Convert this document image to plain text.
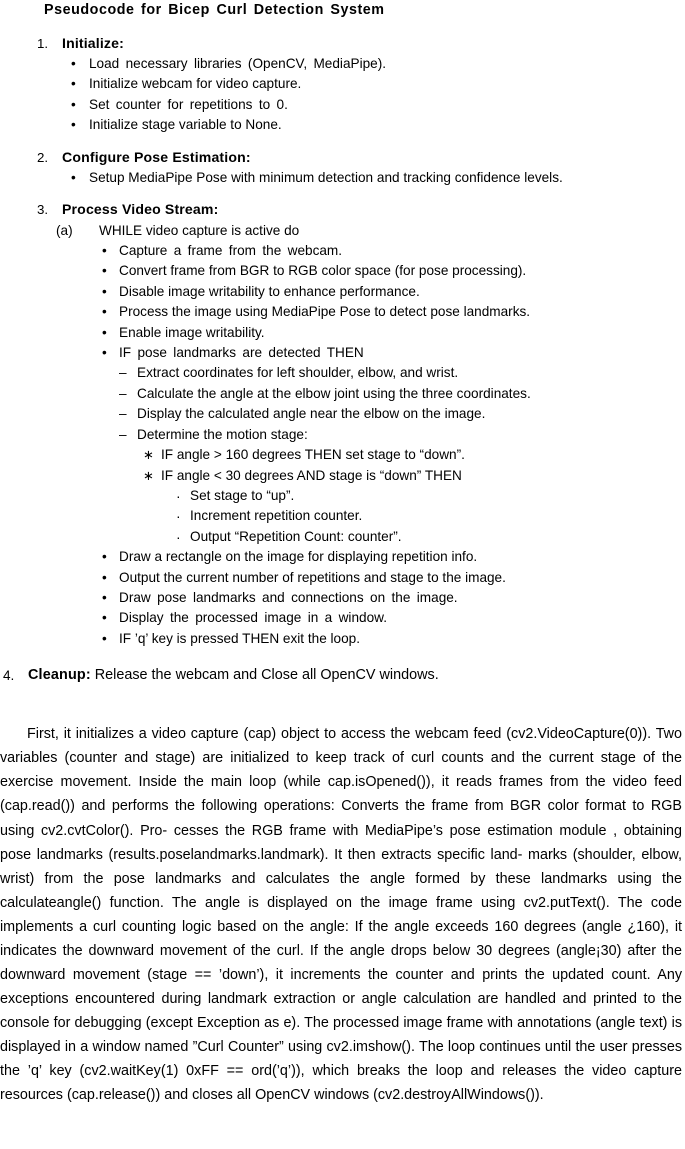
Pseudocode for Bicep Curl Detection System
1. Initialize:
• Load necessary libraries (OpenCV, MediaPipe).
• Initialize webcam for video capture.
• Set counter for repetitions to 0.
• Initialize stage variable to None.
2. Configure Pose Estimation:
• Setup MediaPipe Pose with minimum detection and tracking confidence levels.
3. Process Video Stream:
(a) WHILE video capture is active do
• Capture a frame from the webcam.
• Convert frame from BGR to RGB color space (for pose processing).
• Disable image writability to enhance performance.
• Process the image using MediaPipe Pose to detect pose landmarks.
• Enable image writability.
• IF pose landmarks are detected THEN
– Extract coordinates for left shoulder, elbow, and wrist.
– Calculate the angle at the elbow joint using the three coordinates.
– Display the calculated angle near the elbow on the image.
– Determine the motion stage:
∗ IF angle > 160 degrees THEN set stage to “down”.
∗ IF angle < 30 degrees AND stage is “down” THEN
· Set stage to “up”.
· Increment repetition counter.
· Output “Repetition Count: counter”.
• Draw a rectangle on the image for displaying repetition info.
• Output the current number of repetitions and stage to the image.
• Draw pose landmarks and connections on the image.
• Display the processed image in a window.
• IF ’q’ key is pressed THEN exit the loop.
4. Cleanup: Release the webcam and Close all OpenCV windows.

First, it initializes a video capture (cap) object to access the webcam feed (cv2.VideoCapture(0)). Two variables (counter and stage) are initialized to keep track of curl counts and the current stage of the exercise movement. Inside the main loop (while cap.isOpened()), it reads frames from the video feed (cap.read()) and performs the following operations: Converts the frame from BGR color format to RGB using cv2.cvtColor(). Pro- cesses the RGB frame with MediaPipe’s pose estimation module , obtaining pose landmarks (results.poselandmarks.landmark). It then extracts specific land- marks (shoulder, elbow, wrist) from the pose landmarks and calculates the angle formed by these landmarks using the calculateangle() function. The angle is displayed on the image frame using cv2.putText(). The code implements a curl counting logic based on the angle: If the angle exceeds 160 degrees (angle ¿160), it indicates the downward movement of the curl. If the angle drops below 30 degrees (angle¡30) after the downward movement (stage == ’down’), it increments the counter and prints the updated count. Any exceptions encountered during landmark extraction or angle calculation are handled and printed to the console for debugging (except Exception as e). The processed image frame with annotations (angle text) is displayed in a window named ”Curl Counter” using cv2.imshow(). The loop continues until the user presses the ’q’ key (cv2.waitKey(1) 0xFF == ord(’q’)), which breaks the loop and releases the video capture resources (cap.release()) and closes all OpenCV windows (cv2.destroyAllWindows()).
